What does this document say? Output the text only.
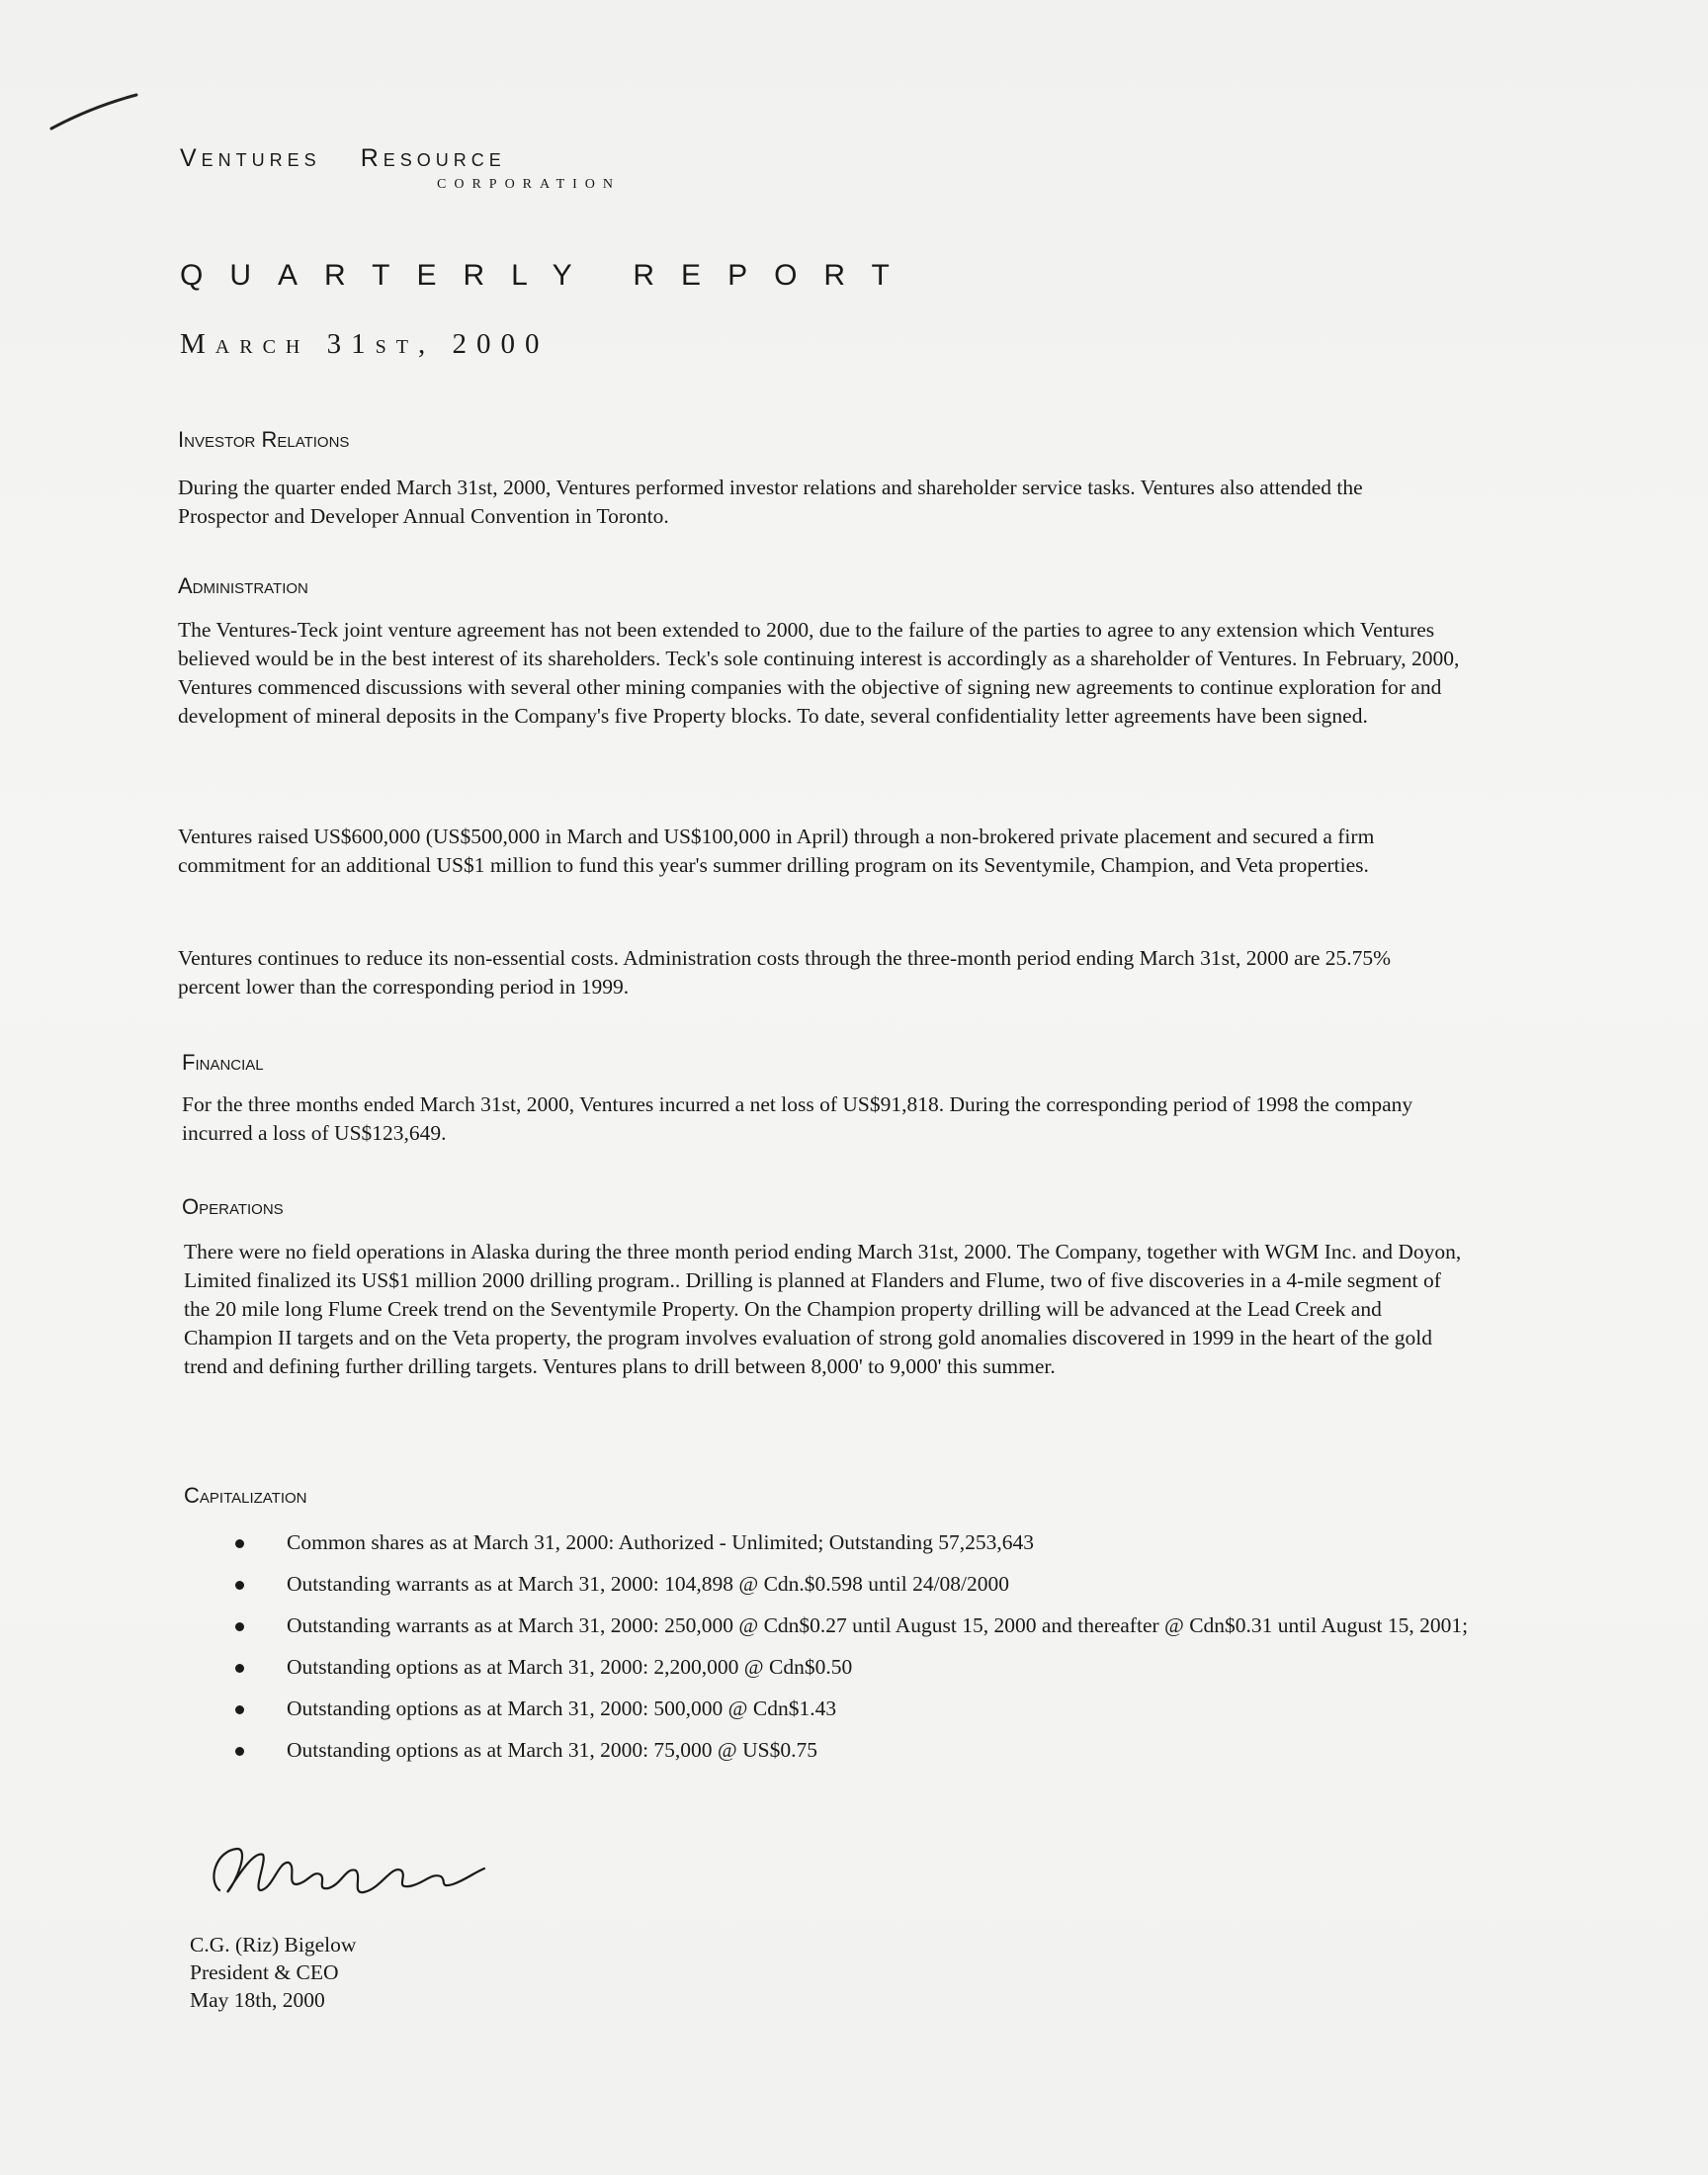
Ventures Resource
CORPORATION
QUARTERLY REPORT
March 31st, 2000
Investor Relations
During the quarter ended March 31st, 2000, Ventures performed investor relations and shareholder service tasks. Ventures also attended the Prospector and Developer Annual Convention in Toronto.
Administration
The Ventures-Teck joint venture agreement has not been extended to 2000, due to the failure of the parties to agree to any extension which Ventures believed would be in the best interest of its shareholders. Teck's sole continuing interest is accordingly as a shareholder of Ventures. In February, 2000, Ventures commenced discussions with several other mining companies with the objective of signing new agreements to continue exploration for and development of mineral deposits in the Company's five Property blocks. To date, several confidentiality letter agreements have been signed.
Ventures raised US$600,000 (US$500,000 in March and US$100,000 in April) through a non-brokered private placement and secured a firm commitment for an additional US$1 million to fund this year's summer drilling program on its Seventymile, Champion, and Veta properties.
Ventures continues to reduce its non-essential costs. Administration costs through the three-month period ending March 31st, 2000 are 25.75% percent lower than the corresponding period in 1999.
Financial
For the three months ended March 31st, 2000, Ventures incurred a net loss of US$91,818. During the corresponding period of 1998 the company incurred a loss of US$123,649.
Operations
There were no field operations in Alaska during the three month period ending March 31st, 2000. The Company, together with WGM Inc. and Doyon, Limited finalized its US$1 million 2000 drilling program.. Drilling is planned at Flanders and Flume, two of five discoveries in a 4-mile segment of the 20 mile long Flume Creek trend on the Seventymile Property. On the Champion property drilling will be advanced at the Lead Creek and Champion II targets and on the Veta property, the program involves evaluation of strong gold anomalies discovered in 1999 in the heart of the gold trend and defining further drilling targets. Ventures plans to drill between 8,000' to 9,000' this summer.
Capitalization
Common shares as at March 31, 2000: Authorized - Unlimited; Outstanding 57,253,643
Outstanding warrants as at March 31, 2000: 104,898 @ Cdn.$0.598 until 24/08/2000
Outstanding warrants as at March 31, 2000: 250,000 @ Cdn$0.27 until August 15, 2000 and thereafter @ Cdn$0.31 until August 15, 2001;
Outstanding options as at March 31, 2000: 2,200,000 @ Cdn$0.50
Outstanding options as at March 31, 2000: 500,000 @ Cdn$1.43
Outstanding options as at March 31, 2000: 75,000 @ US$0.75
C.G. (Riz) Bigelow
President & CEO
May 18th, 2000
